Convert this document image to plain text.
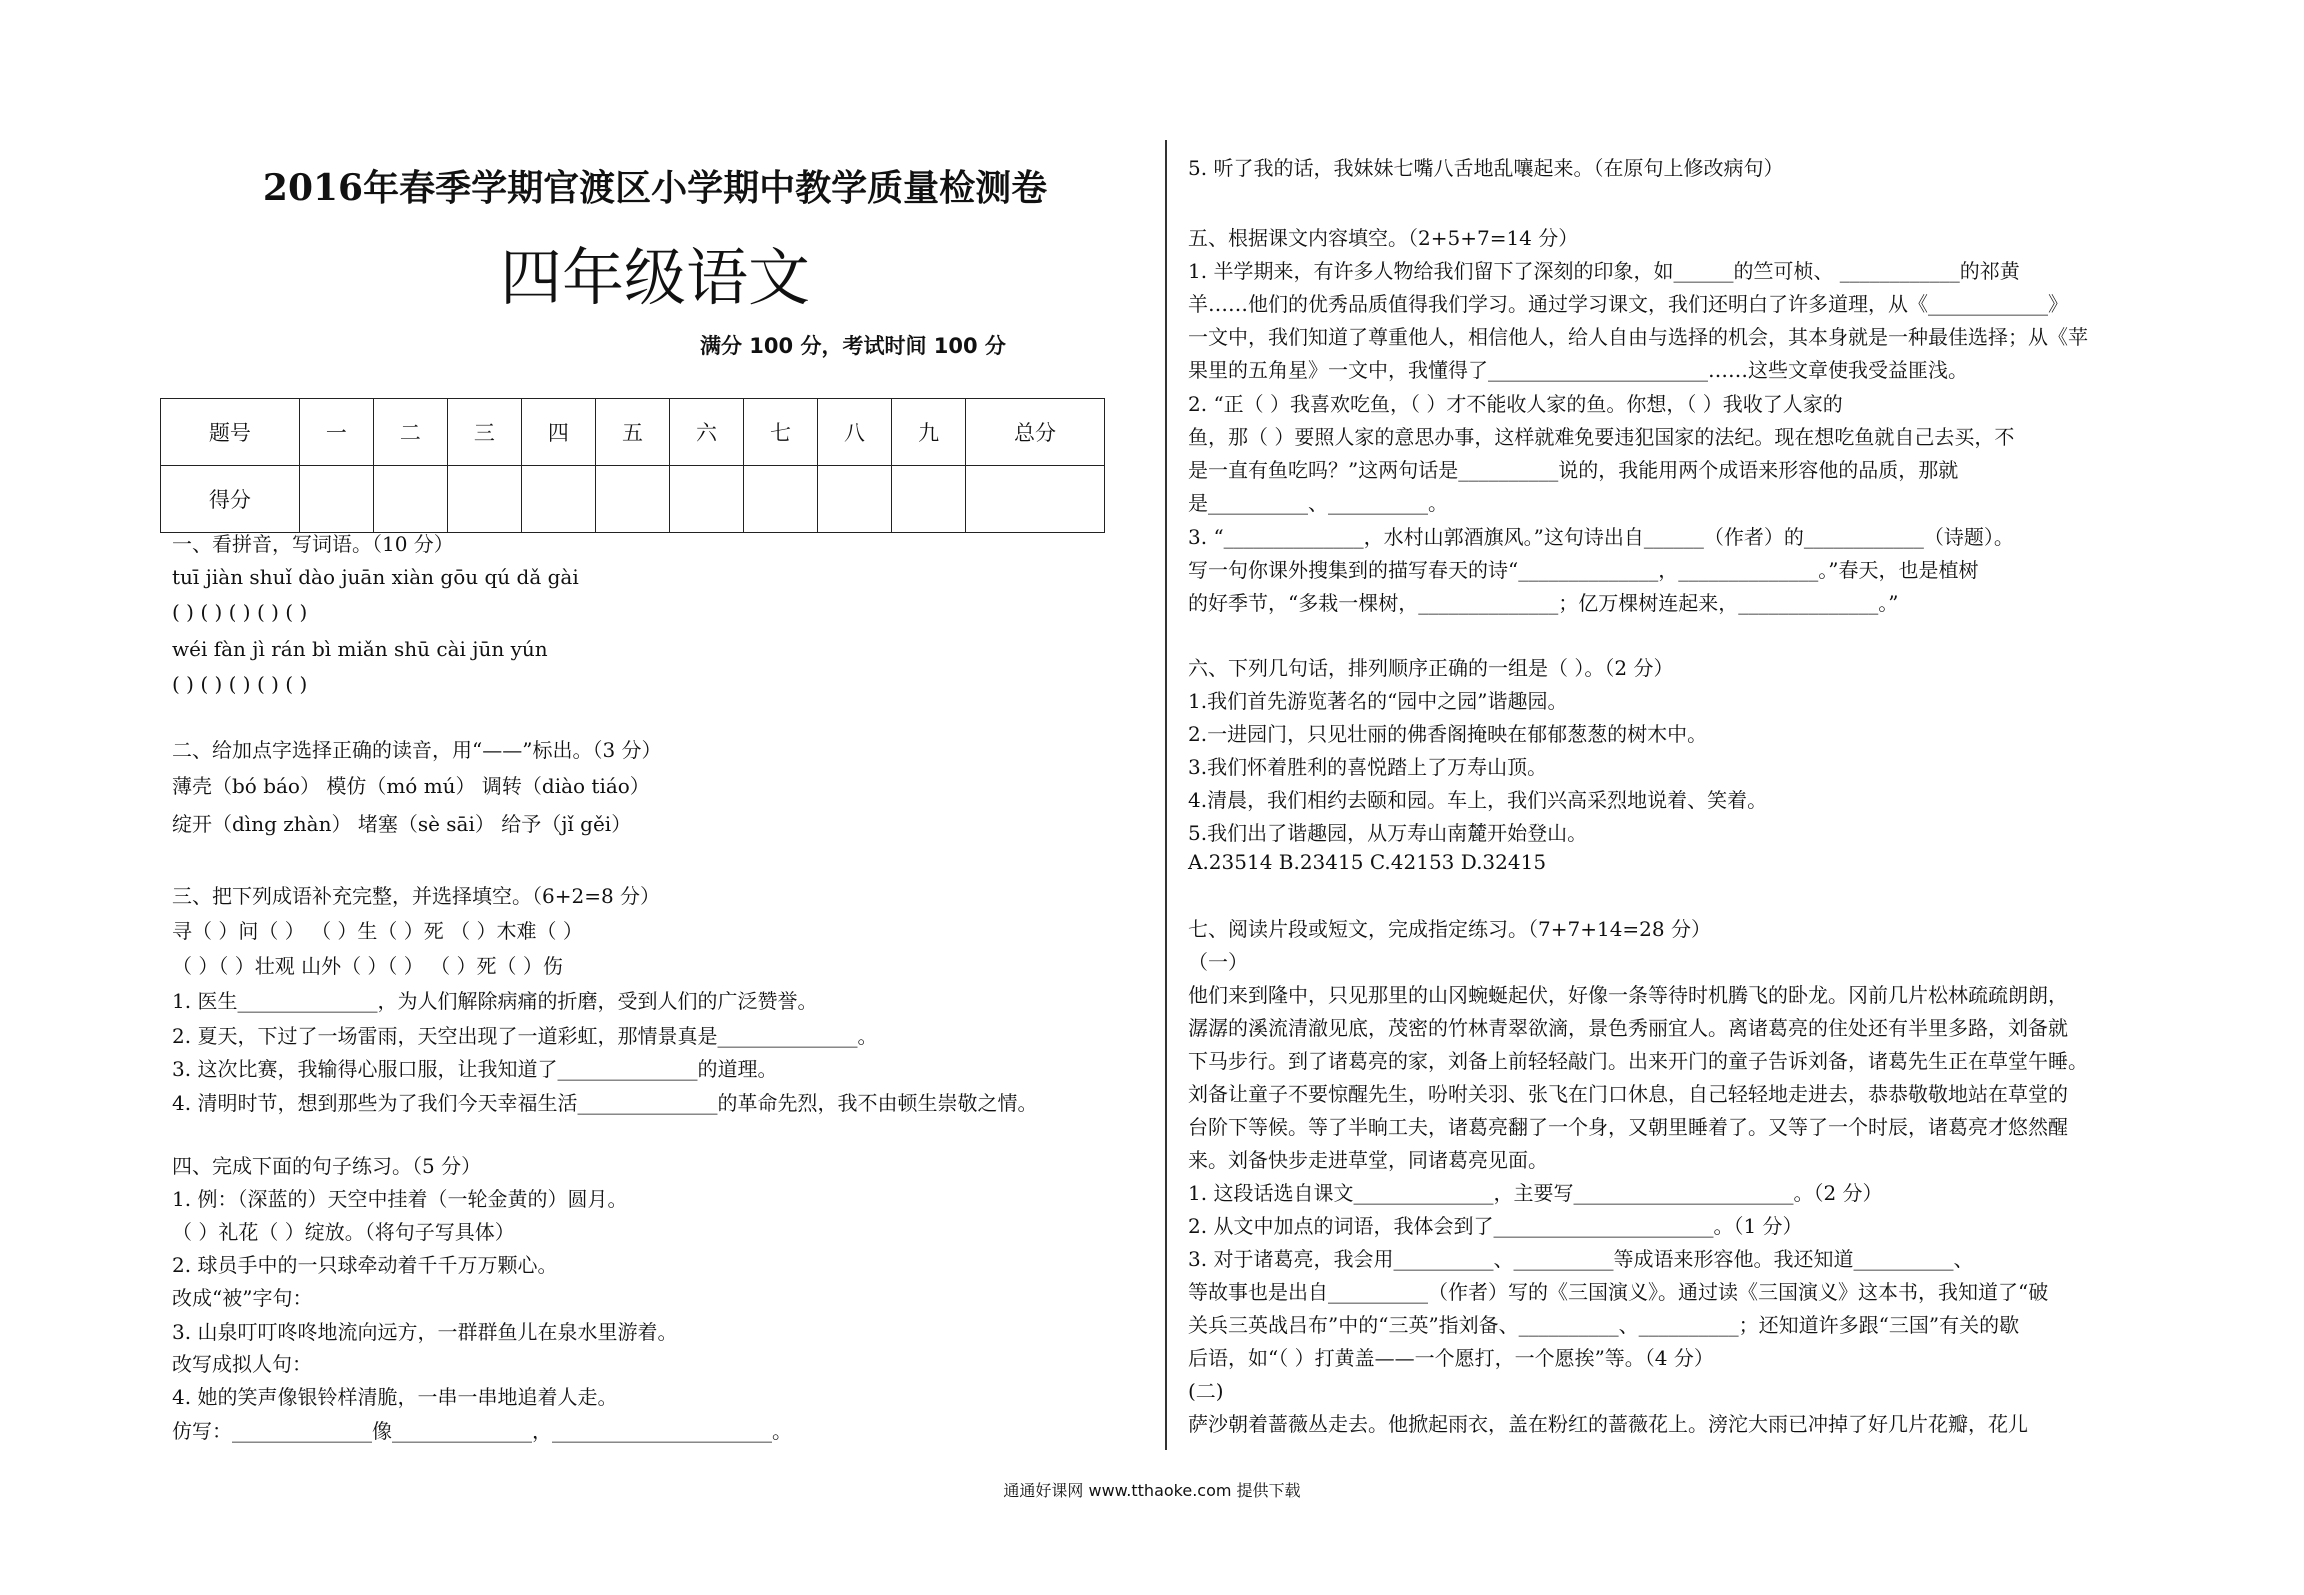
2016年春季学期官渡区小学期中教学质量检测卷
四年级语文
满分 100 分，考试时间 100 分
题号	一	二	三	四	五	六	七	八	九	总分
得分										
一、看拼音，写词语。（10 分）
tuī jiàn shuǐ dào juān xiàn gōu qú dǎ gài
( ) ( ) ( ) ( ) ( )
wéi fàn jì rán bì miǎn shū cài jūn yún
( ) ( ) ( ) ( ) ( )
二、给加点字选择正确的读音，用“——”标出。（3 分）
薄壳（bó báo） 模仿（mó mú） 调转（diào tiáo）
绽开（dìng zhàn） 堵塞（sè sāi） 给予（jǐ gěi）
三、把下列成语补充完整，并选择填空。（6+2=8 分）
寻（ ）问（ ） （ ）生（ ）死 （ ）木难（ ）
（ ）（ ）壮观 山外（ ）（ ） （ ）死（ ）伤
1. 医生______________，为人们解除病痛的折磨，受到人们的广泛赞誉。
2. 夏天，下过了一场雷雨，天空出现了一道彩虹，那情景真是______________。
3. 这次比赛，我输得心服口服，让我知道了______________的道理。
4. 清明时节，想到那些为了我们今天幸福生活______________的革命先烈，我不由顿生崇敬之情。
四、完成下面的句子练习。（5 分）
1. 例：（深蓝的）天空中挂着（一轮金黄的）圆月。
（ ）礼花（ ）绽放。（将句子写具体）
2. 球员手中的一只球牵动着千千万万颗心。
改成“被”字句：
3. 山泉叮叮咚咚地流向远方，一群群鱼儿在泉水里游着。
改写成拟人句：
4. 她的笑声像银铃样清脆，一串一串地追着人走。
仿写：______________像______________，______________________。
5. 听了我的话，我妹妹七嘴八舌地乱嚷起来。（在原句上修改病句）
五、根据课文内容填空。（2+5+7=14 分）
1. 半学期来，有许多人物给我们留下了深刻的印象，如______的竺可桢、 ____________的祁黄
羊……他们的优秀品质值得我们学习。通过学习课文，我们还明白了许多道理，从《____________》
一文中，我们知道了尊重他人，相信他人，给人自由与选择的机会，其本身就是一种最佳选择；从《苹
果里的五角星》一文中，我懂得了______________________……这些文章使我受益匪浅。
2. “正（ ）我喜欢吃鱼，（ ）才不能收人家的鱼。你想，（ ）我收了人家的
鱼，那（ ）要照人家的意思办事，这样就难免要违犯国家的法纪。现在想吃鱼就自己去买，不
是一直有鱼吃吗？”这两句话是__________说的，我能用两个成语来形容他的品质，那就
是__________、__________。
3. “______________，水村山郭酒旗风。”这句诗出自______（作者）的____________（诗题）。
写一句你课外搜集到的描写春天的诗“______________，______________。”春天，也是植树
的好季节，“多栽一棵树，______________；亿万棵树连起来，______________。”
六、下列几句话，排列顺序正确的一组是（ ）。（2 分）
1.我们首先游览著名的“园中之园”谐趣园。
2.一进园门，只见壮丽的佛香阁掩映在郁郁葱葱的树木中。
3.我们怀着胜利的喜悦踏上了万寿山顶。
4.清晨，我们相约去颐和园。车上，我们兴高采烈地说着、笑着。
5.我们出了谐趣园，从万寿山南麓开始登山。
A.23514 B.23415 C.42153 D.32415
七、阅读片段或短文，完成指定练习。（7+7+14=28 分）
（一）
他们来到隆中，只见那里的山冈蜿蜒起伏，好像一条等待时机腾飞的卧龙。冈前几片松林疏疏朗朗，
潺潺的溪流清澈见底，茂密的竹林青翠欲滴，景色秀丽宜人。离诸葛亮的住处还有半里多路，刘备就
下马步行。到了诸葛亮的家，刘备上前轻轻敲门。出来开门的童子告诉刘备，诸葛先生正在草堂午睡。
刘备让童子不要惊醒先生，吩咐关羽、张飞在门口休息，自己轻轻地走进去，恭恭敬敬地站在草堂的
台阶下等候。等了半晌工夫，诸葛亮翻了一个身，又朝里睡着了。又等了一个时辰，诸葛亮才悠然醒
来。刘备快步走进草堂，同诸葛亮见面。
1. 这段话选自课文______________，主要写______________________。（2 分）
2. 从文中加点的词语，我体会到了______________________。（1 分）
3. 对于诸葛亮，我会用__________、__________等成语来形容他。我还知道__________、
等故事也是出自__________（作者）写的《三国演义》。通过读《三国演义》这本书，我知道了“破
关兵三英战吕布”中的“三英”指刘备、__________、__________；还知道许多跟“三国”有关的歇
后语，如“（ ）打黄盖——一个愿打，一个愿挨”等。（4 分）
(二)
萨沙朝着蔷薇丛走去。他掀起雨衣，盖在粉红的蔷薇花上。滂沱大雨已冲掉了好几片花瓣，花儿
通通好课网 www.tthaoke.com 提供下载
